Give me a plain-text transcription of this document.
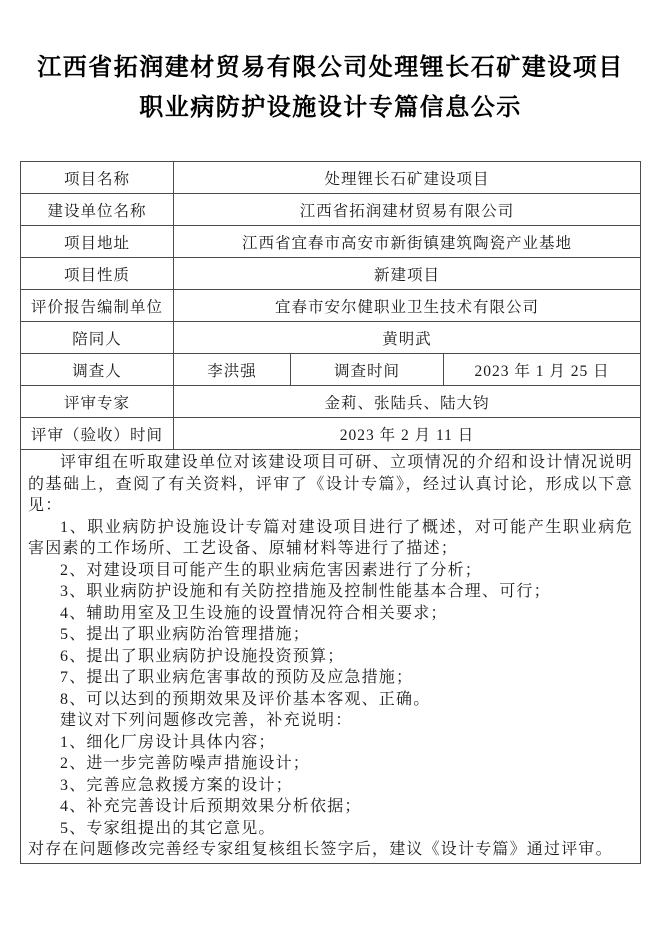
江西省拓润建材贸易有限公司处理锂长石矿建设项目职业病防护设施设计专篇信息公示
项目名称	处理锂长石矿建设项目		
建设单位名称	江西省拓润建材贸易有限公司		
项目地址	江西省宜春市高安市新街镇建筑陶瓷产业基地		
项目性质	新建项目		
评价报告编制单位	宜春市安尔健职业卫生技术有限公司		
陪同人	黄明武		
调查人	李洪强	调查时间	2023 年 1 月 25 日
评审专家	金莉、张陆兵、陆大钧		
评审（验收）时间	2023 年 2 月 11 日		

评审组在听取建设单位对该建设项目可研、立项情况的介绍和设计情况说明的基础上，查阅了有关资料，评审了《设计专篇》，经过认真讨论，形成以下意见：

1、职业病防护设施设计专篇对建设项目进行了概述，对可能产生职业病危害因素的工作场所、工艺设备、原辅材料等进行了描述；

2、对建设项目可能产生的职业病危害因素进行了分析；

3、职业病防护设施和有关防控措施及控制性能基本合理、可行；

4、辅助用室及卫生设施的设置情况符合相关要求；

5、提出了职业病防治管理措施；

6、提出了职业病防护设施投资预算；

7、提出了职业病危害事故的预防及应急措施；

8、可以达到的预期效果及评价基本客观、正确。

建议对下列问题修改完善，补充说明：

1、细化厂房设计具体内容；

2、进一步完善防噪声措施设计；

3、完善应急救援方案的设计；

4、补充完善设计后预期效果分析依据；

5、专家组提出的其它意见。

对存在问题修改完善经专家组复核组长签字后，建议《设计专篇》通过评审。
